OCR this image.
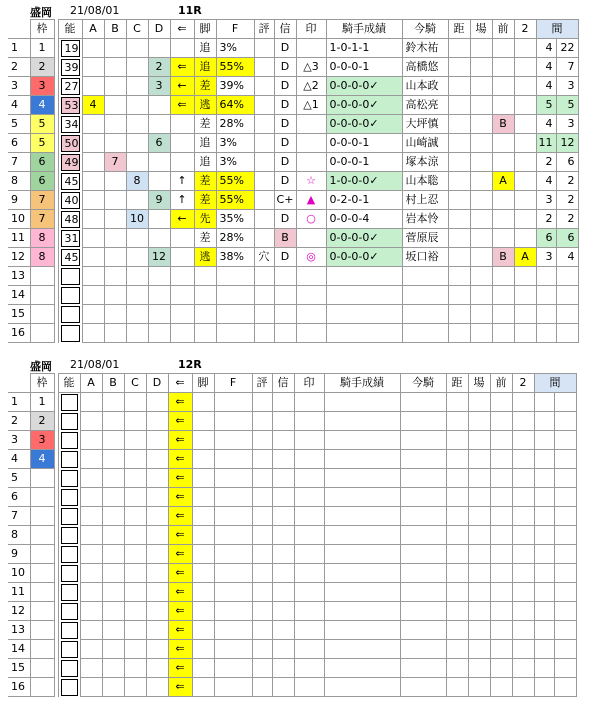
盛岡 21/08/01	11R
	枠		能	A	B	C	D	⇐	脚	F	評	信	印	騎手成績	今騎	距	場	前	2	間	
1	1		19						追	3%		D		1-0-1-1	鈴木祐					4	22
2	2		39				2	⇐	追	55%		D	△3	0-0-0-1	高橋悠					4	7
3	3		27				3	←	差	39%		D	△2	0-0-0-0✓	山本政					4	3
4	4		53	4				⇐	逃	64%		D	△1	0-0-0-0✓	高松亮					5	5
5	5		34						差	28%		D		0-0-0-0✓	大坪慎			B		4	3
6	5		50				6		追	3%		D		0-0-0-1	山崎誠					11	12
7	6		49		7				追	3%		D		0-0-0-1	塚本涼					2	6
8	6		45			8		↑	差	55%		D	☆	1-0-0-0✓	山本聡			A		4	2
9	7		40				9	↑	差	55%		C+	▲	0-2-0-1	村上忍					3	2
10	7		48			10		←	先	35%		D	○	0-0-0-4	岩本怜					2	2
11	8		31						差	28%		B		0-0-0-0✓	菅原辰					6	6
12	8		45				12		逃	38%	穴	D	◎	0-0-0-0✓	坂口裕			B	A	3	4
13			

14			

15			

16			

盛岡 21/08/01	12R
	枠		能	A	B	C	D	⇐	脚	F	評	信	印	騎手成績	今騎	距	場	前	2	間	
1	1							⇐													
2	2							⇐													
3	3							⇐													
4	4							⇐													
5								⇐													
6								⇐													
7								⇐													
8								⇐													
9								⇐													
10								⇐													
11								⇐													
12								⇐													
13								⇐													
14								⇐													
15								⇐													
16								⇐													
